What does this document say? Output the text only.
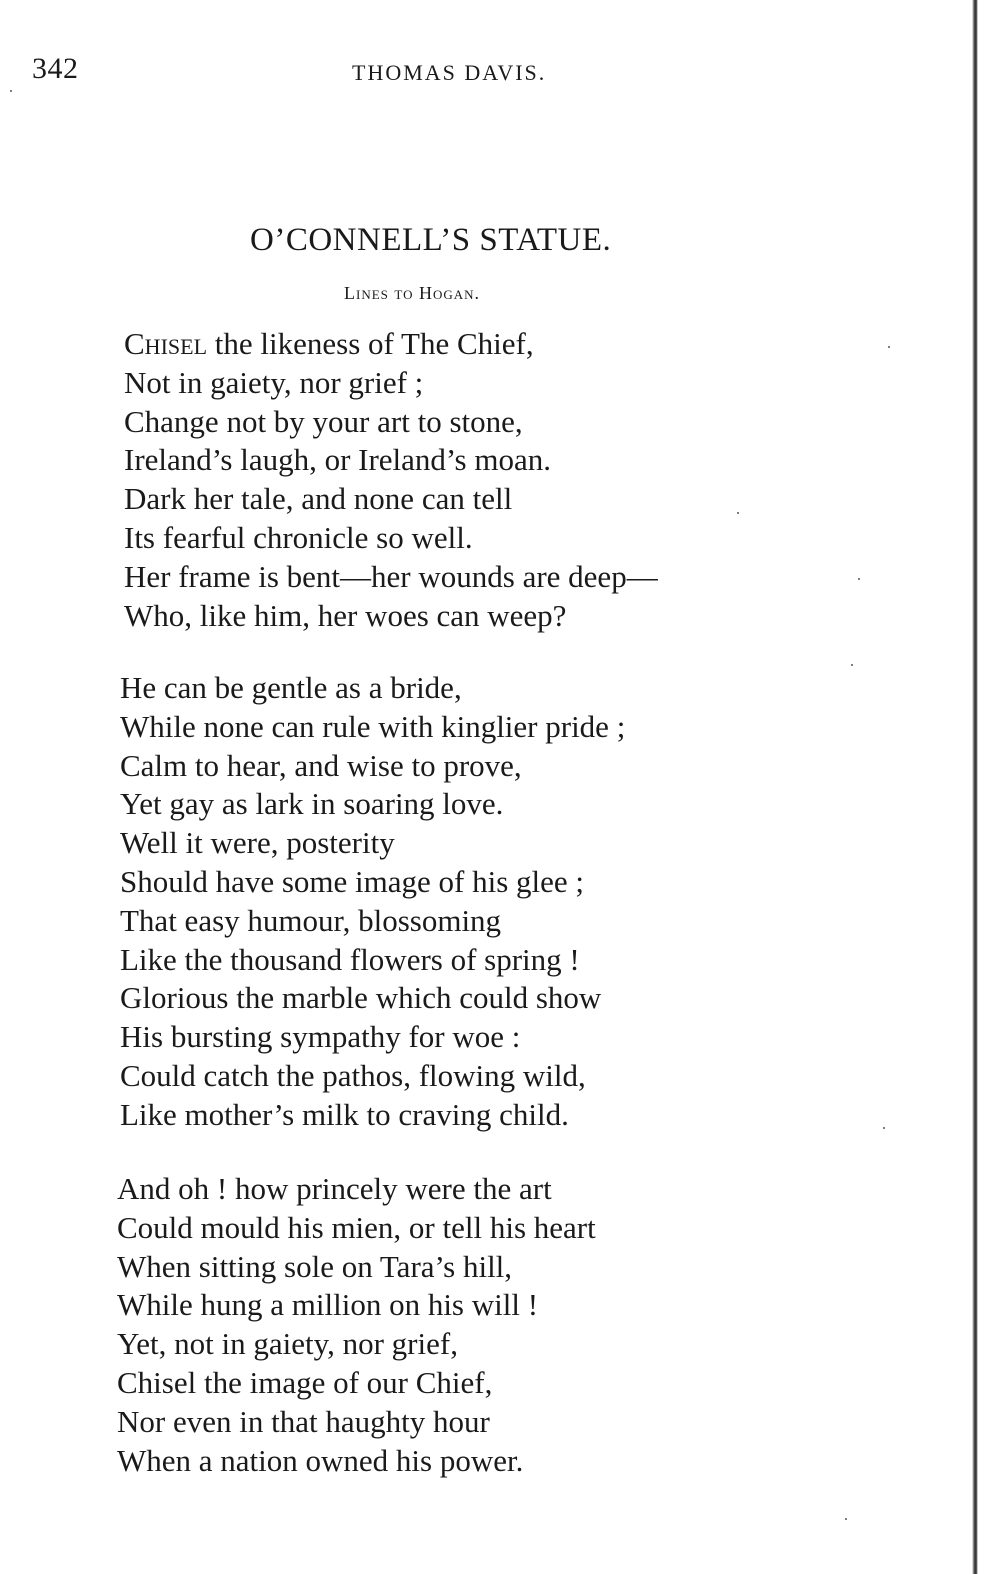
342	THOMAS DAVIS.
O’CONNELL’S STATUE.
Lines to Hogan.
Chisel the likeness of The Chief,
Not in gaiety, nor grief ;
Change not by your art to stone,
Ireland’s laugh, or Ireland’s moan.
Dark her tale, and none can tell
Its fearful chronicle so well.
Her frame is bent—her wounds are deep—
Who, like him, her woes can weep?
He can be gentle as a bride,
While none can rule with kinglier pride ;
Calm to hear, and wise to prove,
Yet gay as lark in soaring love.
Well it were, posterity
Should have some image of his glee ;
That easy humour, blossoming
Like the thousand flowers of spring !
Glorious the marble which could show
His bursting sympathy for woe :
Could catch the pathos, flowing wild,
Like mother’s milk to craving child.
And oh ! how princely were the art
Could mould his mien, or tell his heart
When sitting sole on Tara’s hill,
While hung a million on his will !
Yet, not in gaiety, nor grief,
Chisel the image of our Chief,
Nor even in that haughty hour
When a nation owned his power.
